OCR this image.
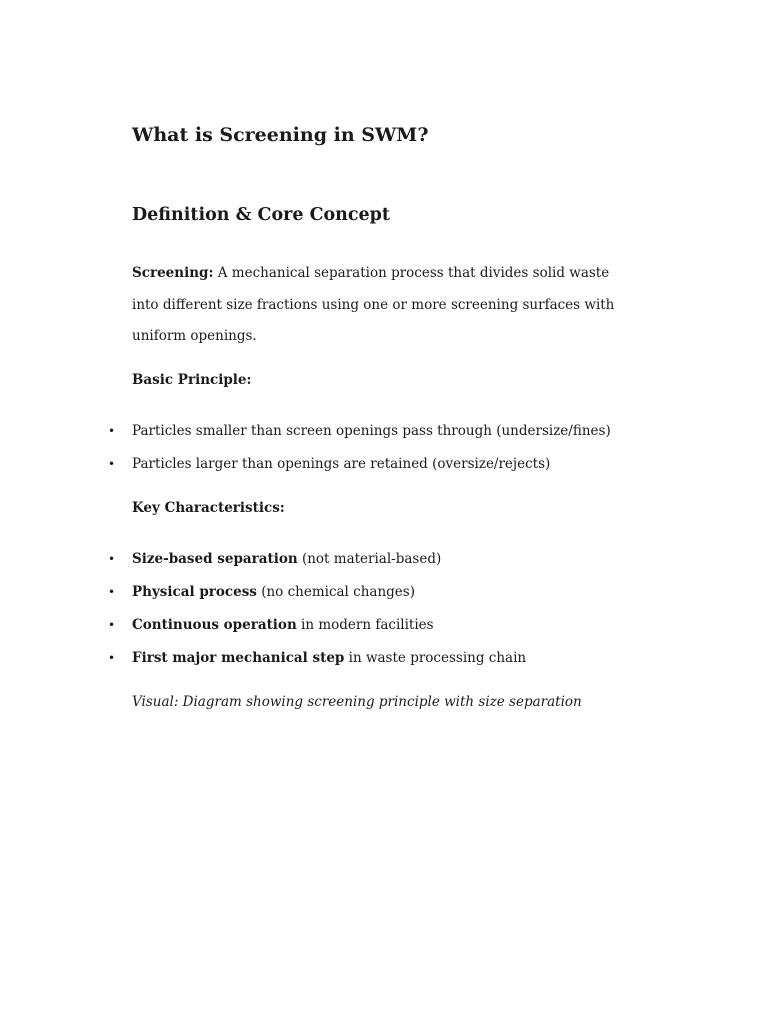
What is Screening in SWM?
Definition & Core Concept

Screening: A mechanical separation process that divides solid waste into different size fractions using one or more screening surfaces with uniform openings.

Basic Principle:

• Particles smaller than screen openings pass through (undersize/fines)
• Particles larger than openings are retained (oversize/rejects)

Key Characteristics:

• Size-based separation (not material-based)
• Physical process (no chemical changes)
• Continuous operation in modern facilities
• First major mechanical step in waste processing chain

Visual: Diagram showing screening principle with size separation
